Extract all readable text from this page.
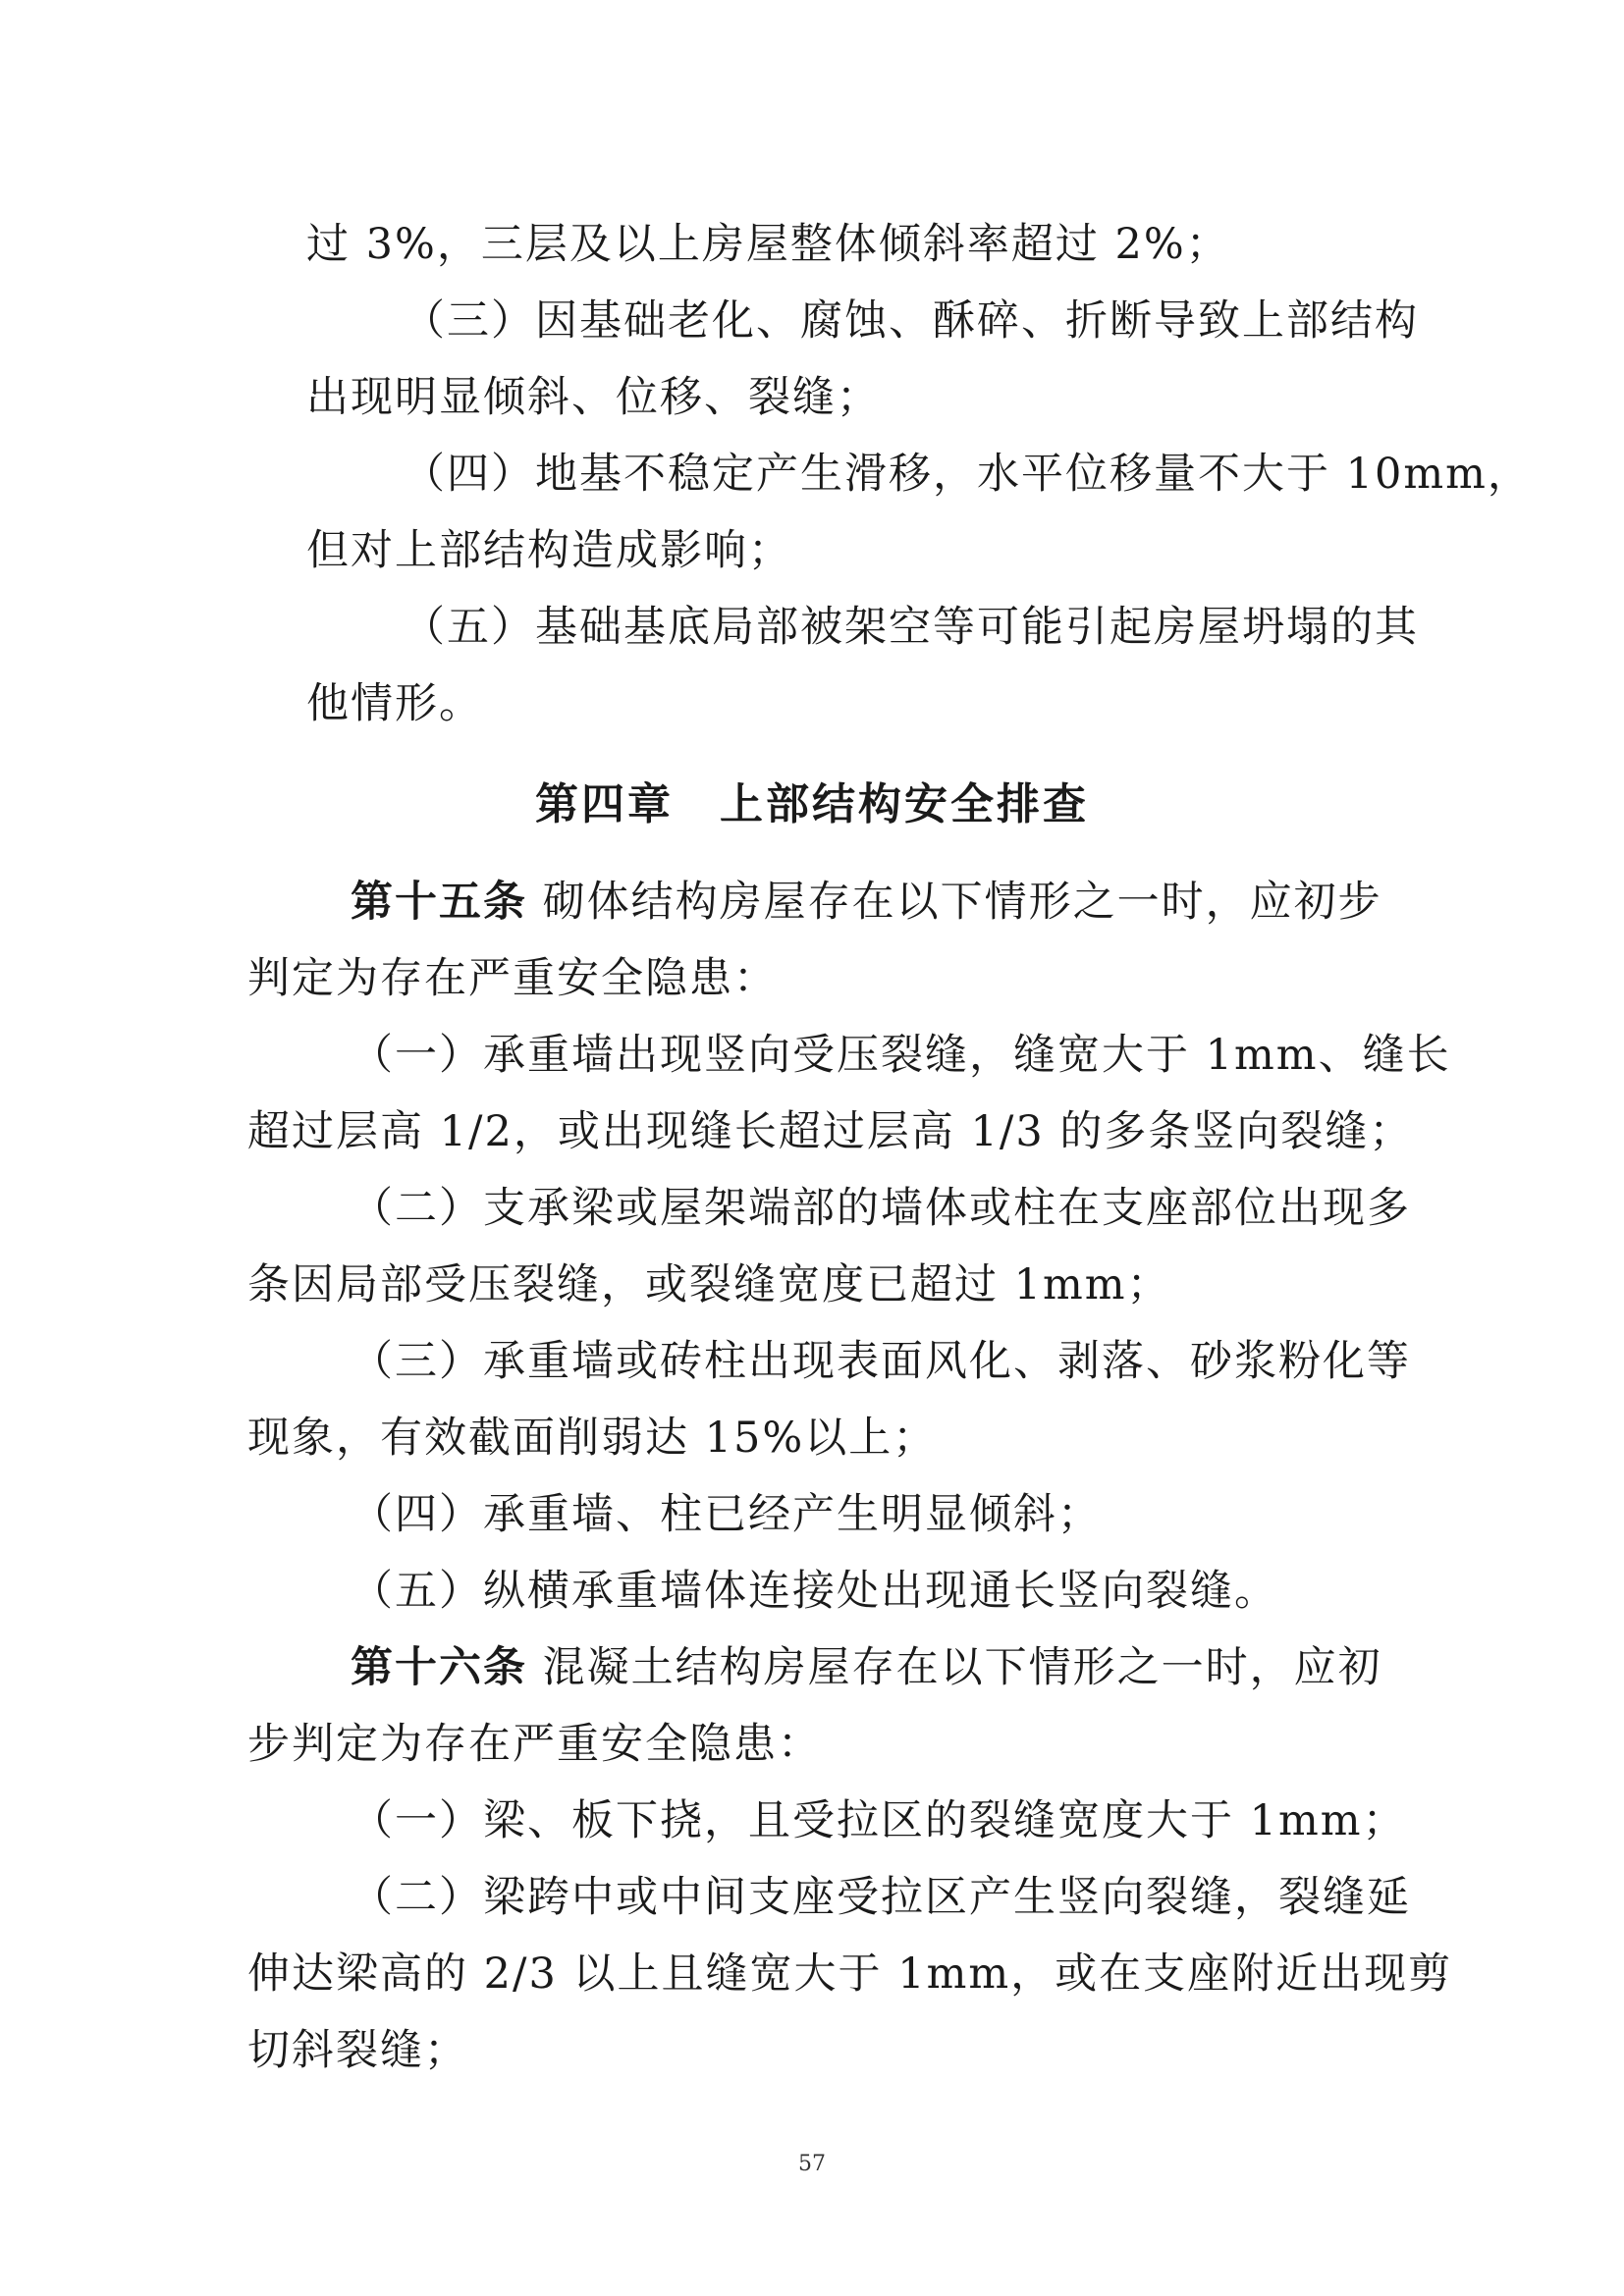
过 3%，三层及以上房屋整体倾斜率超过 2%；
（三）因基础老化、腐蚀、酥碎、折断导致上部结构
出现明显倾斜、位移、裂缝；
（四）地基不稳定产生滑移，水平位移量不大于 10mm，
但对上部结构造成影响；
（五）基础基底局部被架空等可能引起房屋坍塌的其
他情形。
第四章　上部结构安全排查
第十五条 砌体结构房屋存在以下情形之一时，应初步
判定为存在严重安全隐患：
（一）承重墙出现竖向受压裂缝，缝宽大于 1mm、缝长
超过层高 1/2，或出现缝长超过层高 1/3 的多条竖向裂缝；
（二）支承梁或屋架端部的墙体或柱在支座部位出现多
条因局部受压裂缝，或裂缝宽度已超过 1mm；
（三）承重墙或砖柱出现表面风化、剥落、砂浆粉化等
现象，有效截面削弱达 15%以上；
（四）承重墙、柱已经产生明显倾斜；
（五）纵横承重墙体连接处出现通长竖向裂缝。
第十六条 混凝土结构房屋存在以下情形之一时，应初
步判定为存在严重安全隐患：
（一）梁、板下挠，且受拉区的裂缝宽度大于 1mm；
（二）梁跨中或中间支座受拉区产生竖向裂缝，裂缝延
伸达梁高的 2/3 以上且缝宽大于 1mm，或在支座附近出现剪
切斜裂缝；
57
